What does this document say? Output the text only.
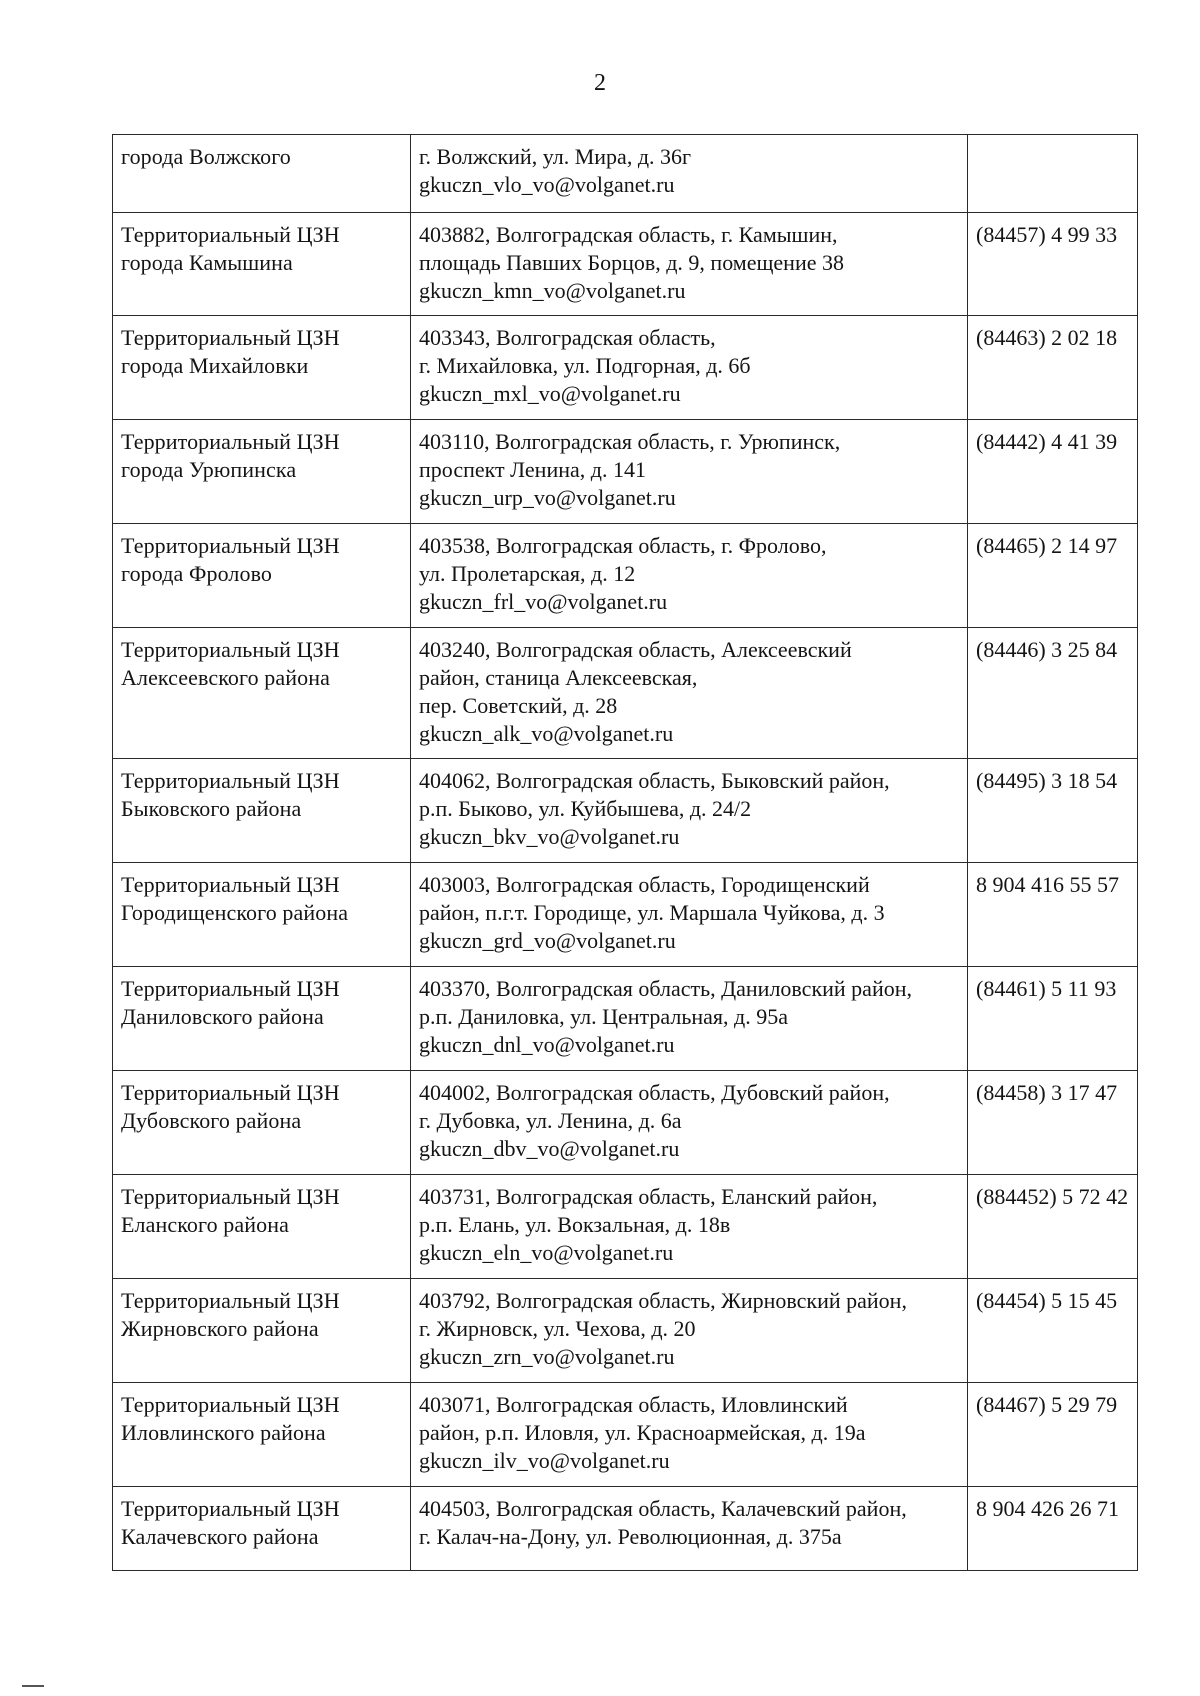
2
города Волжского	г. Волжский, ул. Мира, д. 36г
gkuczn_vlo_vo@volganet.ru	

Территориальный ЦЗН
города Камышина	403882, Волгоградская область, г. Камышин,
площадь Павших Борцов, д. 9, помещение 38
gkuczn_kmn_vo@volganet.ru	(84457) 4 99 33

Территориальный ЦЗН
города Михайловки	403343, Волгоградская область,
г. Михайловка, ул. Подгорная, д. 6б
gkuczn_mxl_vo@volganet.ru	(84463) 2 02 18

Территориальный ЦЗН
города Урюпинска	403110, Волгоградская область, г. Урюпинск,
проспект Ленина, д. 141
gkuczn_urp_vo@volganet.ru	(84442) 4 41 39

Территориальный ЦЗН
города Фролово	403538, Волгоградская область, г. Фролово,
ул. Пролетарская, д. 12
gkuczn_frl_vo@volganet.ru	(84465) 2 14 97

Территориальный ЦЗН
Алексеевского района	403240, Волгоградская область, Алексеевский
район, станица Алексеевская,
пер. Советский, д. 28
gkuczn_alk_vo@volganet.ru	(84446) 3 25 84

Территориальный ЦЗН
Быковского района	404062, Волгоградская область, Быковский район,
р.п. Быково, ул. Куйбышева, д. 24/2
gkuczn_bkv_vo@volganet.ru	(84495) 3 18 54

Территориальный ЦЗН
Городищенского района	403003, Волгоградская область, Городищенский
район, п.г.т. Городище, ул. Маршала Чуйкова, д. 3
gkuczn_grd_vo@volganet.ru	8 904 416 55 57

Территориальный ЦЗН
Даниловского района	403370, Волгоградская область, Даниловский район,
р.п. Даниловка, ул. Центральная, д. 95а
gkuczn_dnl_vo@volganet.ru	(84461) 5 11 93

Территориальный ЦЗН
Дубовского района	404002, Волгоградская область, Дубовский район,
г. Дубовка, ул. Ленина, д. 6а
gkuczn_dbv_vo@volganet.ru	(84458) 3 17 47

Территориальный ЦЗН
Еланского района	403731, Волгоградская область, Еланский район,
р.п. Елань, ул. Вокзальная, д. 18в
gkuczn_eln_vo@volganet.ru	(884452) 5 72 42

Территориальный ЦЗН
Жирновского района	403792, Волгоградская область, Жирновский район,
г. Жирновск, ул. Чехова, д. 20
gkuczn_zrn_vo@volganet.ru	(84454) 5 15 45

Территориальный ЦЗН
Иловлинского района	403071, Волгоградская область, Иловлинский
район, р.п. Иловля, ул. Красноармейская, д. 19а
gkuczn_ilv_vo@volganet.ru	(84467) 5 29 79

Территориальный ЦЗН
Калачевского района	404503, Волгоградская область, Калачевский район,
г. Калач-на-Дону, ул. Революционная, д. 375а	8 904 426 26 71
